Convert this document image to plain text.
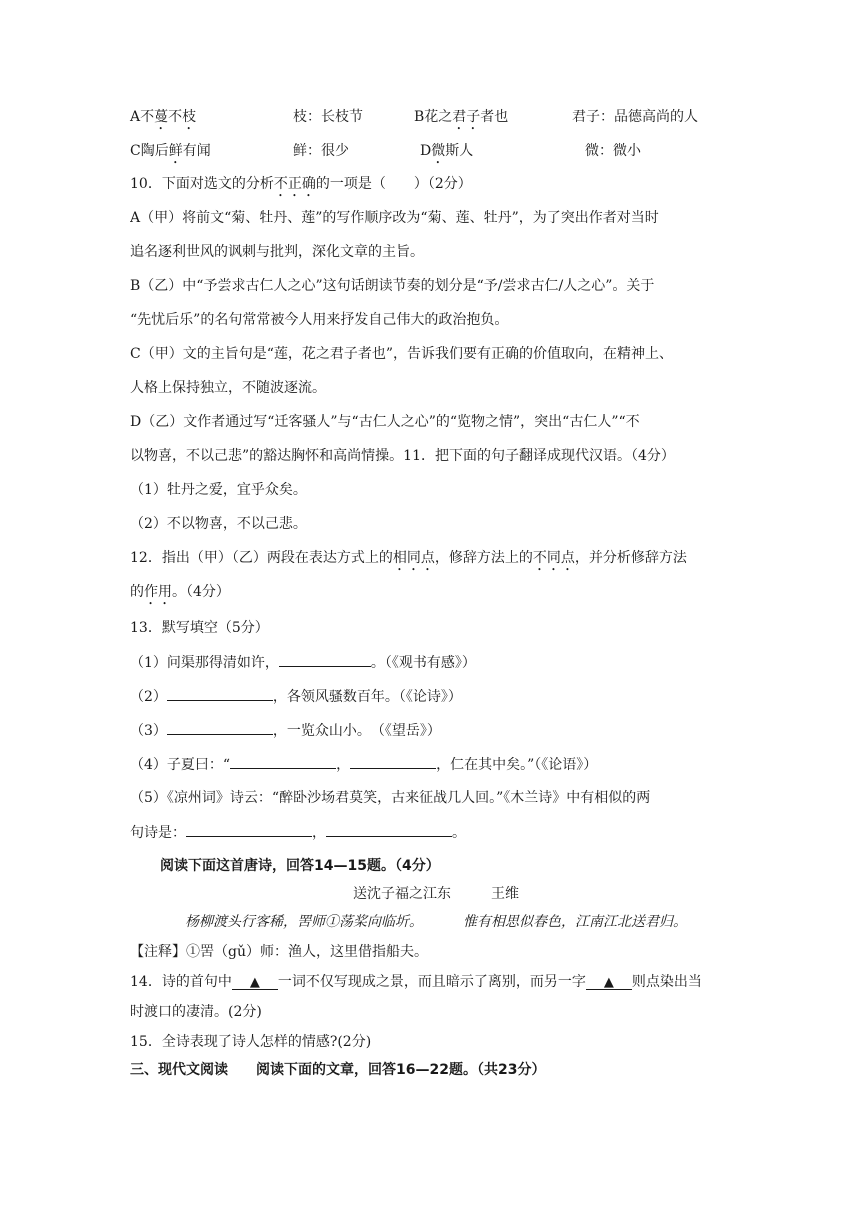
A不蔓不枝	枝：长枝节	B花之君子者也	君子：品德高尚的人
C陶后鲜有闻	鲜：很少	D微斯人	微：微小
10．下面对选文的分析不正确的一项是（　　）（2分）
A（甲）将前文“菊、牡丹、莲”的写作顺序改为“菊、莲、牡丹”，为了突出作者对当时
追名逐利世风的讽刺与批判，深化文章的主旨。
B（乙）中“予尝求古仁人之心”这句话朗读节奏的划分是“予/尝求古仁/人之心”。关于
“先忧后乐”的名句常常被今人用来抒发自己伟大的政治抱负。
C（甲）文的主旨句是“莲，花之君子者也”，告诉我们要有正确的价值取向，在精神上、
人格上保持独立，不随波逐流。
D（乙）文作者通过写“迁客骚人”与“古仁人之心”的“览物之情”，突出“古仁人”“不
以物喜，不以己悲”的豁达胸怀和高尚情操。11．把下面的句子翻译成现代汉语。（4分）
（1）牡丹之爱，宜乎众矣。
（2）不以物喜，不以己悲。
12．指出（甲）（乙）两段在表达方式上的相同点，修辞方法上的不同点，并分析修辞方法
的作用。（4分）
13．默写填空（5分）
（1）问渠那得清如许，	。（《观书有感》）
（2）	，各领风骚数百年。（《论诗》）
（3）	，一览众山小。　（《望岳》）
（4）子夏曰：“	，	，仁在其中矣。”（《论语》）
（5）《凉州词》诗云：“醉卧沙场君莫笑，古来征战几人回。”《木兰诗》中有相似的两
句诗是：	，	。
阅读下面这首唐诗，回答14—15题。（4分）
送沈子福之江东	王维
杨柳渡头行客稀，罟师①荡桨向临圻。	惟有相思似春色，江南江北送君归。
【注释】①罟（gǔ）师：渔人，这里借指船夫。
14．诗的首句中 ▲ 一词不仅写现成之景，而且暗示了离别，而另一字 ▲ 则点染出当
时渡口的凄清。(2分)
15．全诗表现了诗人怎样的情感?(2分)
三、现代文阅读　　阅读下面的文章，回答16—22题。（共23分）
